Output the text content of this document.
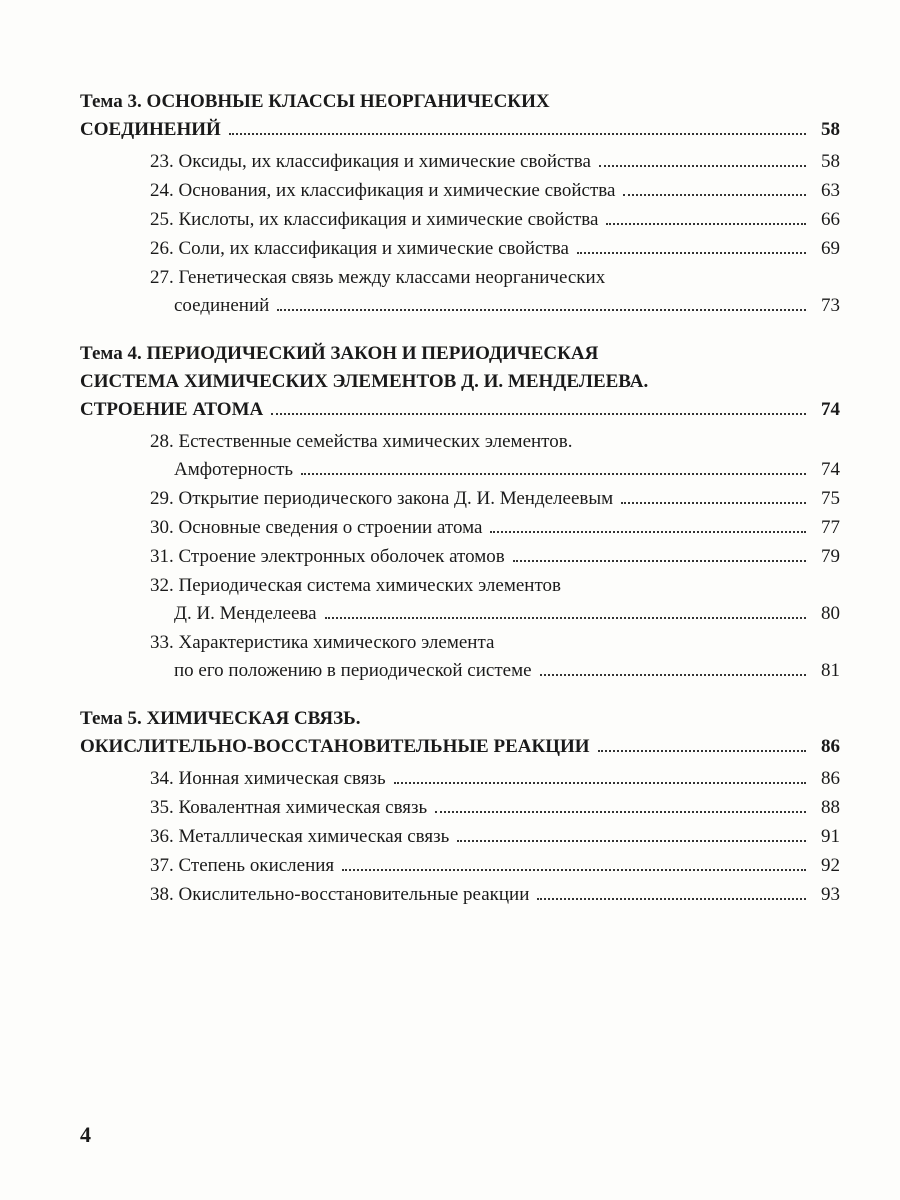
Тема 3. ОСНОВНЫЕ КЛАССЫ НЕОРГАНИЧЕСКИХ
СОЕДИНЕНИЙ	58
23. Оксиды, их классификация и химические свойства	58
24. Основания, их классификация и химические свойства	63
25. Кислоты, их классификация и химические свойства	66
26. Соли, их классификация и химические свойства	69
27. Генетическая связь между классами неорганических
соединений	73
Тема 4. ПЕРИОДИЧЕСКИЙ ЗАКОН И ПЕРИОДИЧЕСКАЯ
СИСТЕМА ХИМИЧЕСКИХ ЭЛЕМЕНТОВ Д. И. МЕНДЕЛЕЕВА.
СТРОЕНИЕ АТОМА	74
28. Естественные семейства химических элементов.
Амфотерность	74
29. Открытие периодического закона Д. И. Менделеевым	75
30. Основные сведения о строении атома	77
31. Строение электронных оболочек атомов	79
32. Периодическая система химических элементов
Д. И. Менделеева	80
33. Характеристика химического элемента
по его положению в периодической системе	81
Тема 5. ХИМИЧЕСКАЯ СВЯЗЬ.
ОКИСЛИТЕЛЬНО-ВОССТАНОВИТЕЛЬНЫЕ РЕАКЦИИ	86
34. Ионная химическая связь	86
35. Ковалентная химическая связь	88
36. Металлическая химическая связь	91
37. Степень окисления	92
38. Окислительно-восстановительные реакции	93
4
